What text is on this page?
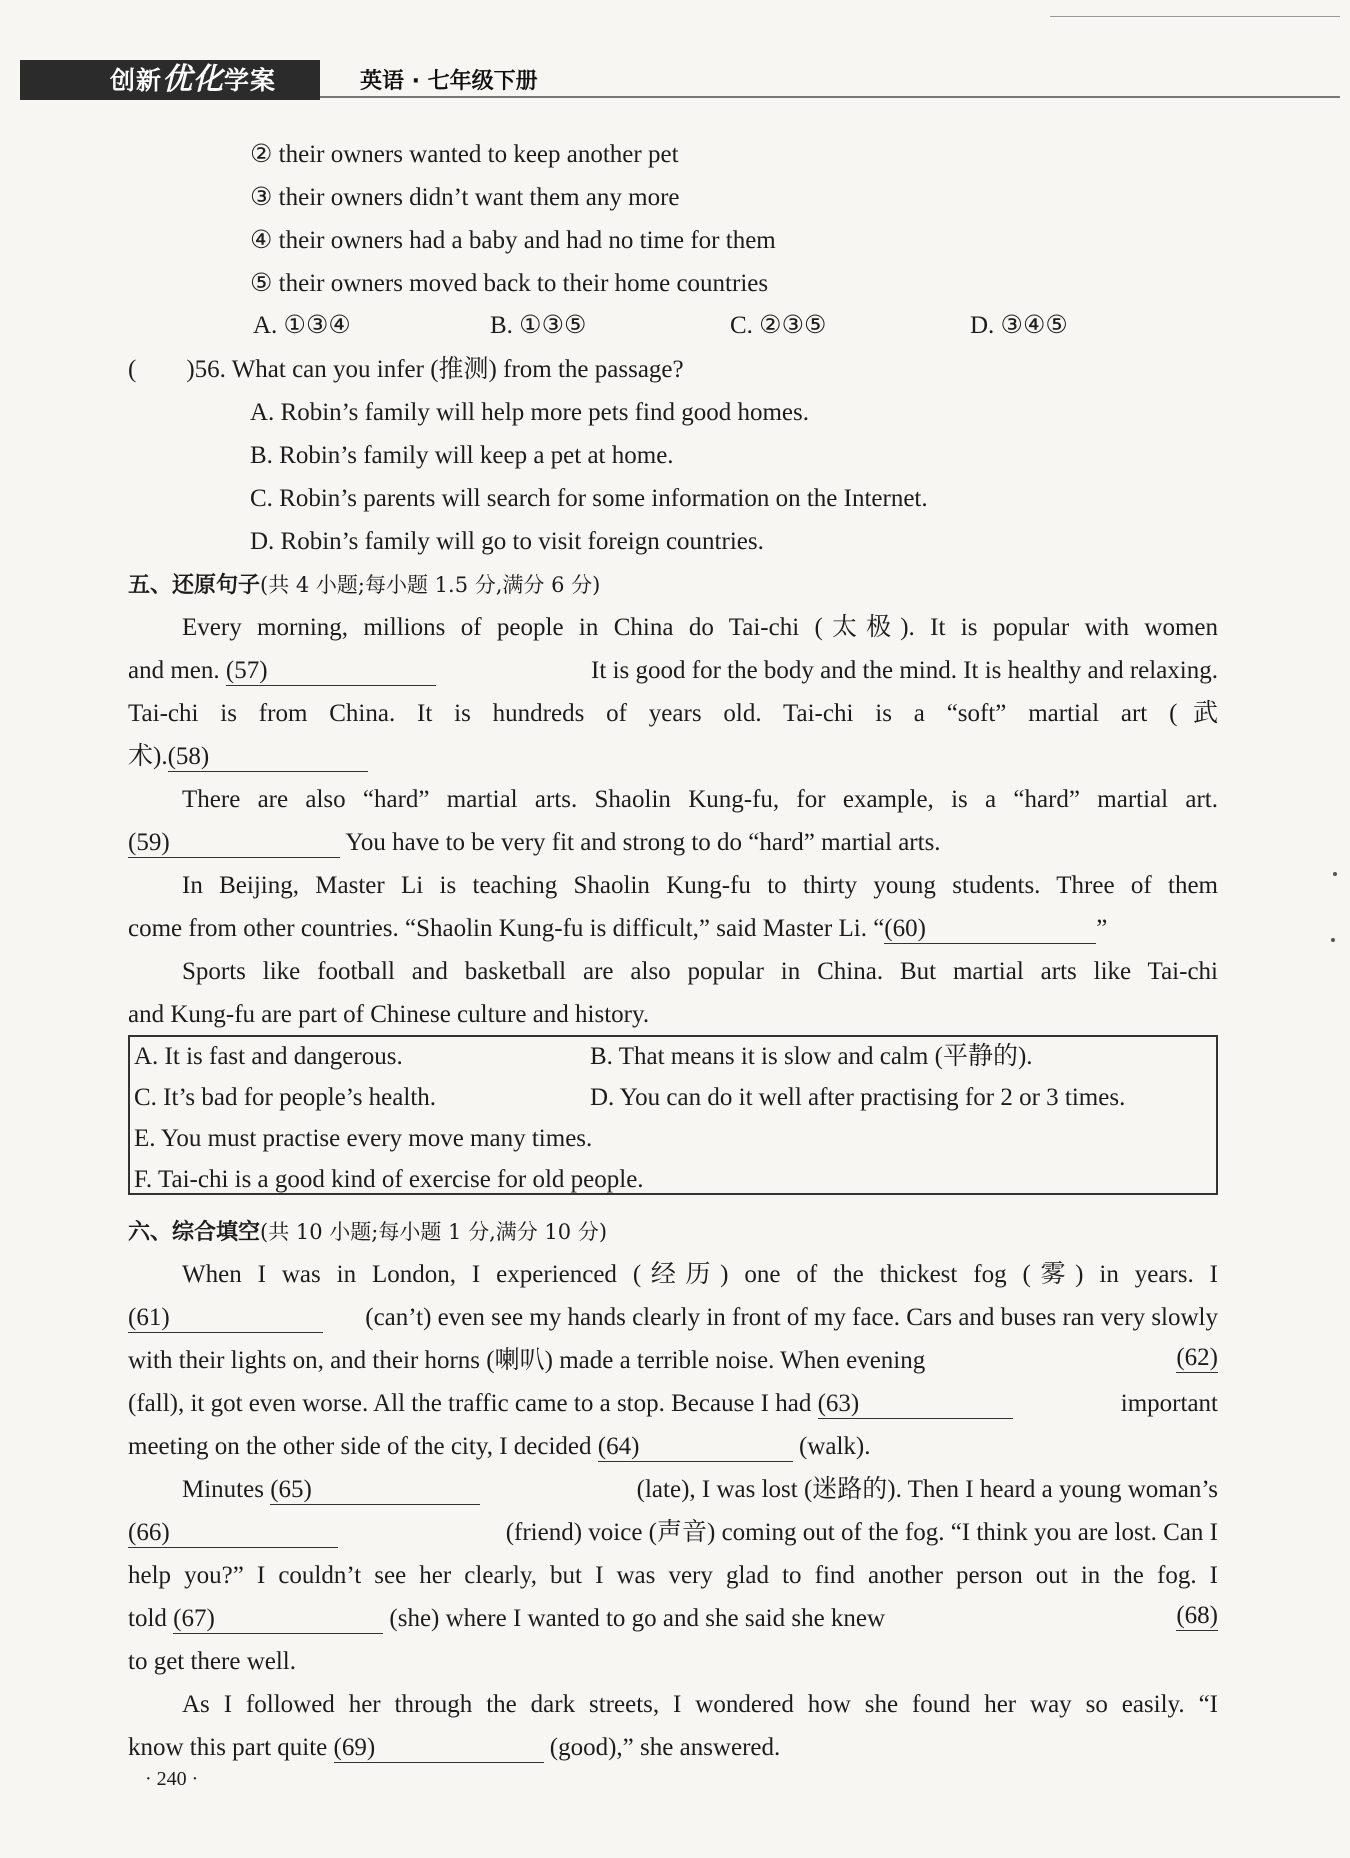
创新优化学案	英语 · 七年级下册
② their owners wanted to keep another pet
③ their owners didn’t want them any more
④ their owners had a baby and had no time for them
⑤ their owners moved back to their home countries
A. ①③④	B. ①③⑤	C. ②③⑤	D. ③④⑤
(　　)56. What can you infer (推测) from the passage?
A. Robin’s family will help more pets find good homes.
B. Robin’s family will keep a pet at home.
C. Robin’s parents will search for some information on the Internet.
D. Robin’s family will go to visit foreign countries.
五、还原句子(共 4 小题;每小题 1.5 分,满分 6 分)
Every morning, millions of people in China do Tai-chi (太极). It is popular with women
and men. (57)	It is good for the body and the mind. It is healthy and relaxing.
Tai-chi is from China. It is hundreds of years old. Tai-chi is a “soft” martial art (武
术).(58)
There are also “hard” martial arts. Shaolin Kung-fu, for example, is a “hard” martial art.
(59)	You have to be very fit and strong to do “hard” martial arts.
In Beijing, Master Li is teaching Shaolin Kung-fu to thirty young students. Three of them
come from other countries. “Shaolin Kung-fu is difficult,” said Master Li. “(60)	”
Sports like football and basketball are also popular in China. But martial arts like Tai-chi
and Kung-fu are part of Chinese culture and history.
A. It is fast and dangerous.	B. That means it is slow and calm (平静的).
C. It’s bad for people’s health.	D. You can do it well after practising for 2 or 3 times.
E. You must practise every move many times.
F. Tai-chi is a good kind of exercise for old people.
六、综合填空(共 10 小题;每小题 1 分,满分 10 分)
When I was in London, I experienced (经历) one of the thickest fog (雾) in years. I
(61)	(can’t) even see my hands clearly in front of my face. Cars and buses ran very slowly
with their lights on, and their horns (喇叭) made a terrible noise. When evening	(62)
(fall), it got even worse. All the traffic came to a stop. Because I had (63)	important
meeting on the other side of the city, I decided (64)	(walk).
Minutes (65)	(late), I was lost (迷路的). Then I heard a young woman’s
(66)	(friend) voice (声音) coming out of the fog. “I think you are lost. Can I
help you?” I couldn’t see her clearly, but I was very glad to find another person out in the fog. I
told (67)	(she) where I wanted to go and she said she knew	(68)
to get there well.
As I followed her through the dark streets, I wondered how she found her way so easily. “I
know this part quite (69)	(good),” she answered.
· 240 ·
